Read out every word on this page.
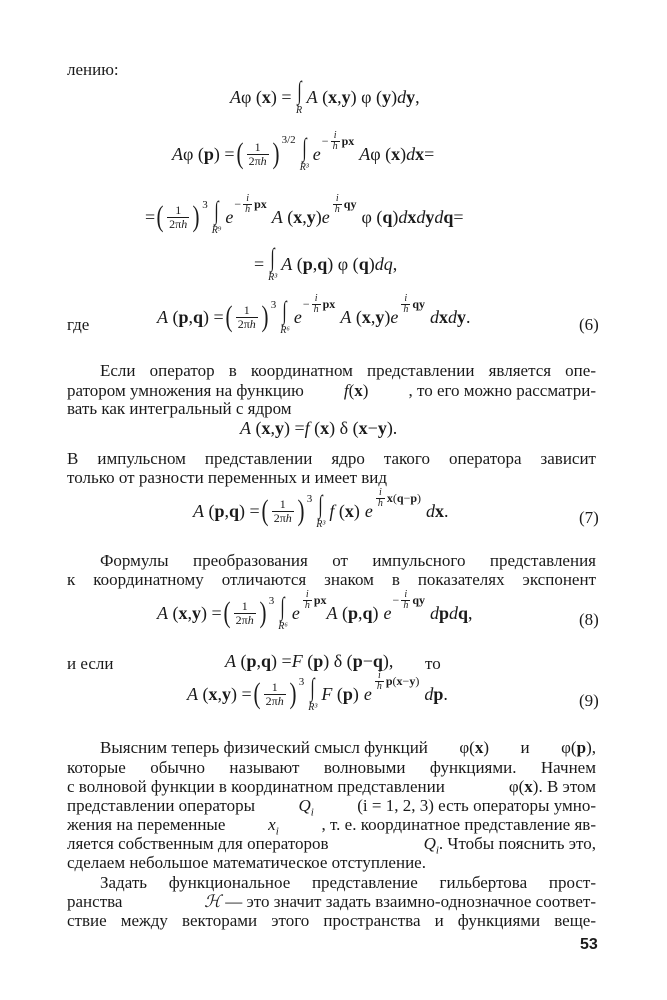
лению:
A φ ( x ) = ∫
R
A ( x , y ) φ ( y ) d y ,
A φ ( p ) = ( $\frac{1}{2\pi h}$ ) 3/2 ∫
R³
e
− $\frac{i}{h}$ px
A φ ( x ) d x =
= ( $\frac{1}{2\pi h}$ ) 3 ∫
R⁹
e
− $\frac{i}{h}$ px
A ( x , y ) e
$\frac{i}{h}$ qy
φ ( q ) d x d y d q =
= ∫
R³
A ( p , q ) φ ( q ) dq ,
где	A ( p , q ) = ( $\frac{1}{2\pi h}$ ) 3 ∫
R⁶
e
− $\frac{i}{h}$ px
A ( x , y ) e
$\frac{i}{h}$ qy
d x d y .	(6)
Если оператор в координатном представлении является опе-
ратором умножения на функцию f(x) , то его можно рассматри-
вать как интегральный с ядром
A ( x , y ) = f ( x ) δ ( x − y ).
В импульсном представлении ядро такого оператора зависит
только от разности переменных и имеет вид
A ( p , q ) = ( $\frac{1}{2\pi h}$ ) 3 ∫
R³
f ( x ) e
$\frac{i}{h}$ x ( q − p )
d x .	(7)
Формулы преобразования от импульсного представления
к координатному отличаются знаком в показателях экспонент
A ( x , y ) = ( $\frac{1}{2\pi h}$ ) 3 ∫
R⁶
e
$\frac{i}{h}$ px
A ( p , q ) e
− $\frac{i}{h}$ qy
d p d q ,	(8)
и если	A ( p , q ) = F ( p ) δ ( p − q ), то
A ( x , y ) = ( $\frac{1}{2\pi h}$ ) 3 ∫
R³
F ( p ) e
$\frac{i}{h}$ p ( x − y )
d p .	(9)
Выясним теперь физический смысл функций φ(x) и φ(p),
которые обычно называют волновыми функциями. Начнем
с волновой функции в координатном представлении	φ(x). В этом
представлении операторы	$Q_i$	(i = 1, 2, 3) есть операторы умно-
жения на переменные	$x_i$	, т. е. координатное представление яв-
ляется собственным для операторов	$Q_i$. Чтобы пояснить это,
сделаем небольшое математическое отступление.
Задать функциональное представление гильбертова прост-
ранства	ℋ — это значит задать взаимно-однозначное соответ-
ствие между векторами этого пространства и функциями веще-
53
